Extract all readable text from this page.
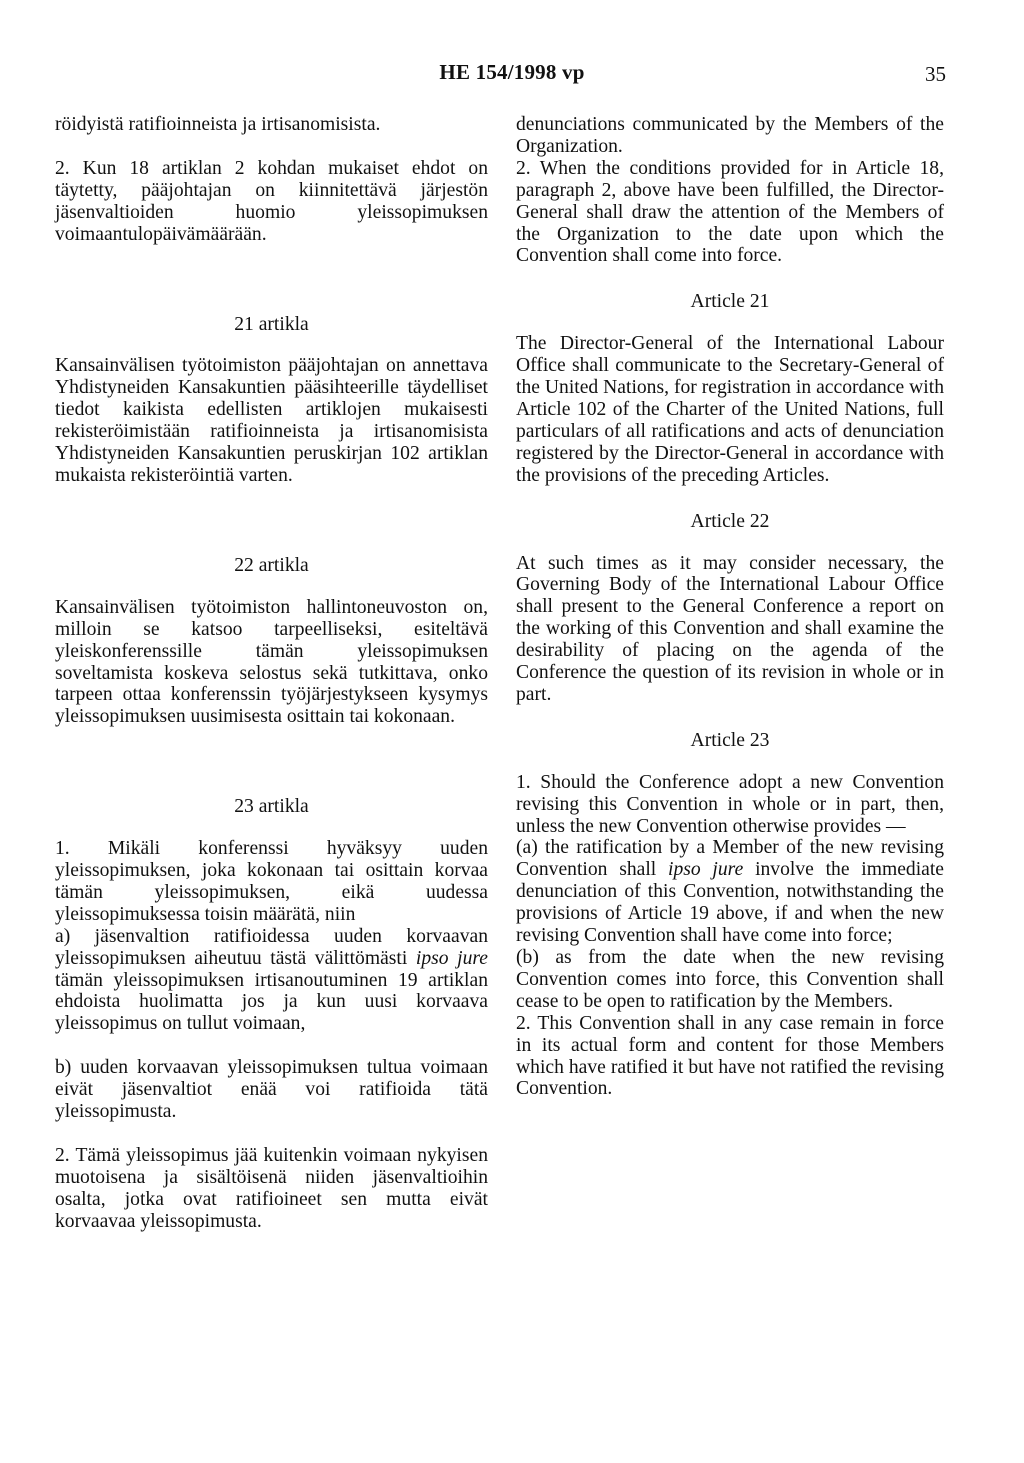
HE 154/1998 vp	35

röidyistä ratifioinneista ja irtisanomisista.

2. Kun 18 artiklan 2 kohdan mukaiset ehdot on täytetty, pääjohtajan on kiinnitettävä järjestön jäsenvaltioiden huomio yleissopimuksen voimaantulopäivämäärään.

21 artikla

Kansainvälisen työtoimiston pääjohtajan on annettava Yhdistyneiden Kansakuntien pääsihteerille täydelliset tiedot kaikista edellisten artiklojen mukaisesti rekisteröimistään ratifioinneista ja irtisanomisista Yhdistyneiden Kansakuntien peruskirjan 102 artiklan mukaista rekisteröintiä varten.

22 artikla

Kansainvälisen työtoimiston hallintoneuvoston on, milloin se katsoo tarpeelliseksi, esiteltävä yleiskonferenssille tämän yleissopimuksen soveltamista koskeva selostus sekä tutkittava, onko tarpeen ottaa konferenssin työjärjestykseen kysymys yleissopimuksen uusimisesta osittain tai kokonaan.

23 artikla

1. Mikäli konferenssi hyväksyy uuden yleissopimuksen, joka kokonaan tai osittain korvaa tämän yleissopimuksen, eikä uudessa yleissopimuksessa toisin määrätä, niin

a) jäsenvaltion ratifioidessa uuden korvaavan yleissopimuksen aiheutuu tästä välittömästi ipso jure tämän yleissopimuksen irtisanoutuminen 19 artiklan ehdoista huolimatta jos ja kun uusi korvaava yleissopimus on tullut voimaan,

b) uuden korvaavan yleissopimuksen tultua voimaan eivät jäsenvaltiot enää voi ratifioida tätä yleissopimusta.

2. Tämä yleissopimus jää kuitenkin voimaan nykyisen muotoisena ja sisältöisenä niiden jäsenvaltioihin osalta, jotka ovat ratifioineet sen mutta eivät korvaavaa yleissopimusta.

denunciations communicated by the Members of the Organization.

2. When the conditions provided for in Article 18, paragraph 2, above have been fulfilled, the Director-General shall draw the attention of the Members of the Organization to the date upon which the Convention shall come into force.

Article 21

The Director-General of the International Labour Office shall communicate to the Secretary-General of the United Nations, for registration in accordance with Article 102 of the Charter of the United Nations, full particulars of all ratifications and acts of denunciation registered by the Director-General in accordance with the provisions of the preceding Articles.

Article 22

At such times as it may consider necessary, the Governing Body of the International Labour Office shall present to the General Conference a report on the working of this Convention and shall examine the desirability of placing on the agenda of the Conference the question of its revision in whole or in part.

Article 23

1. Should the Conference adopt a new Convention revising this Convention in whole or in part, then, unless the new Convention otherwise provides —

(a) the ratification by a Member of the new revising Convention shall ipso jure involve the immediate denunciation of this Convention, notwithstanding the provisions of Article 19 above, if and when the new revising Convention shall have come into force;

(b) as from the date when the new revising Convention comes into force, this Convention shall cease to be open to ratification by the Members.

2. This Convention shall in any case remain in force in its actual form and content for those Members which have ratified it but have not ratified the revising Convention.
